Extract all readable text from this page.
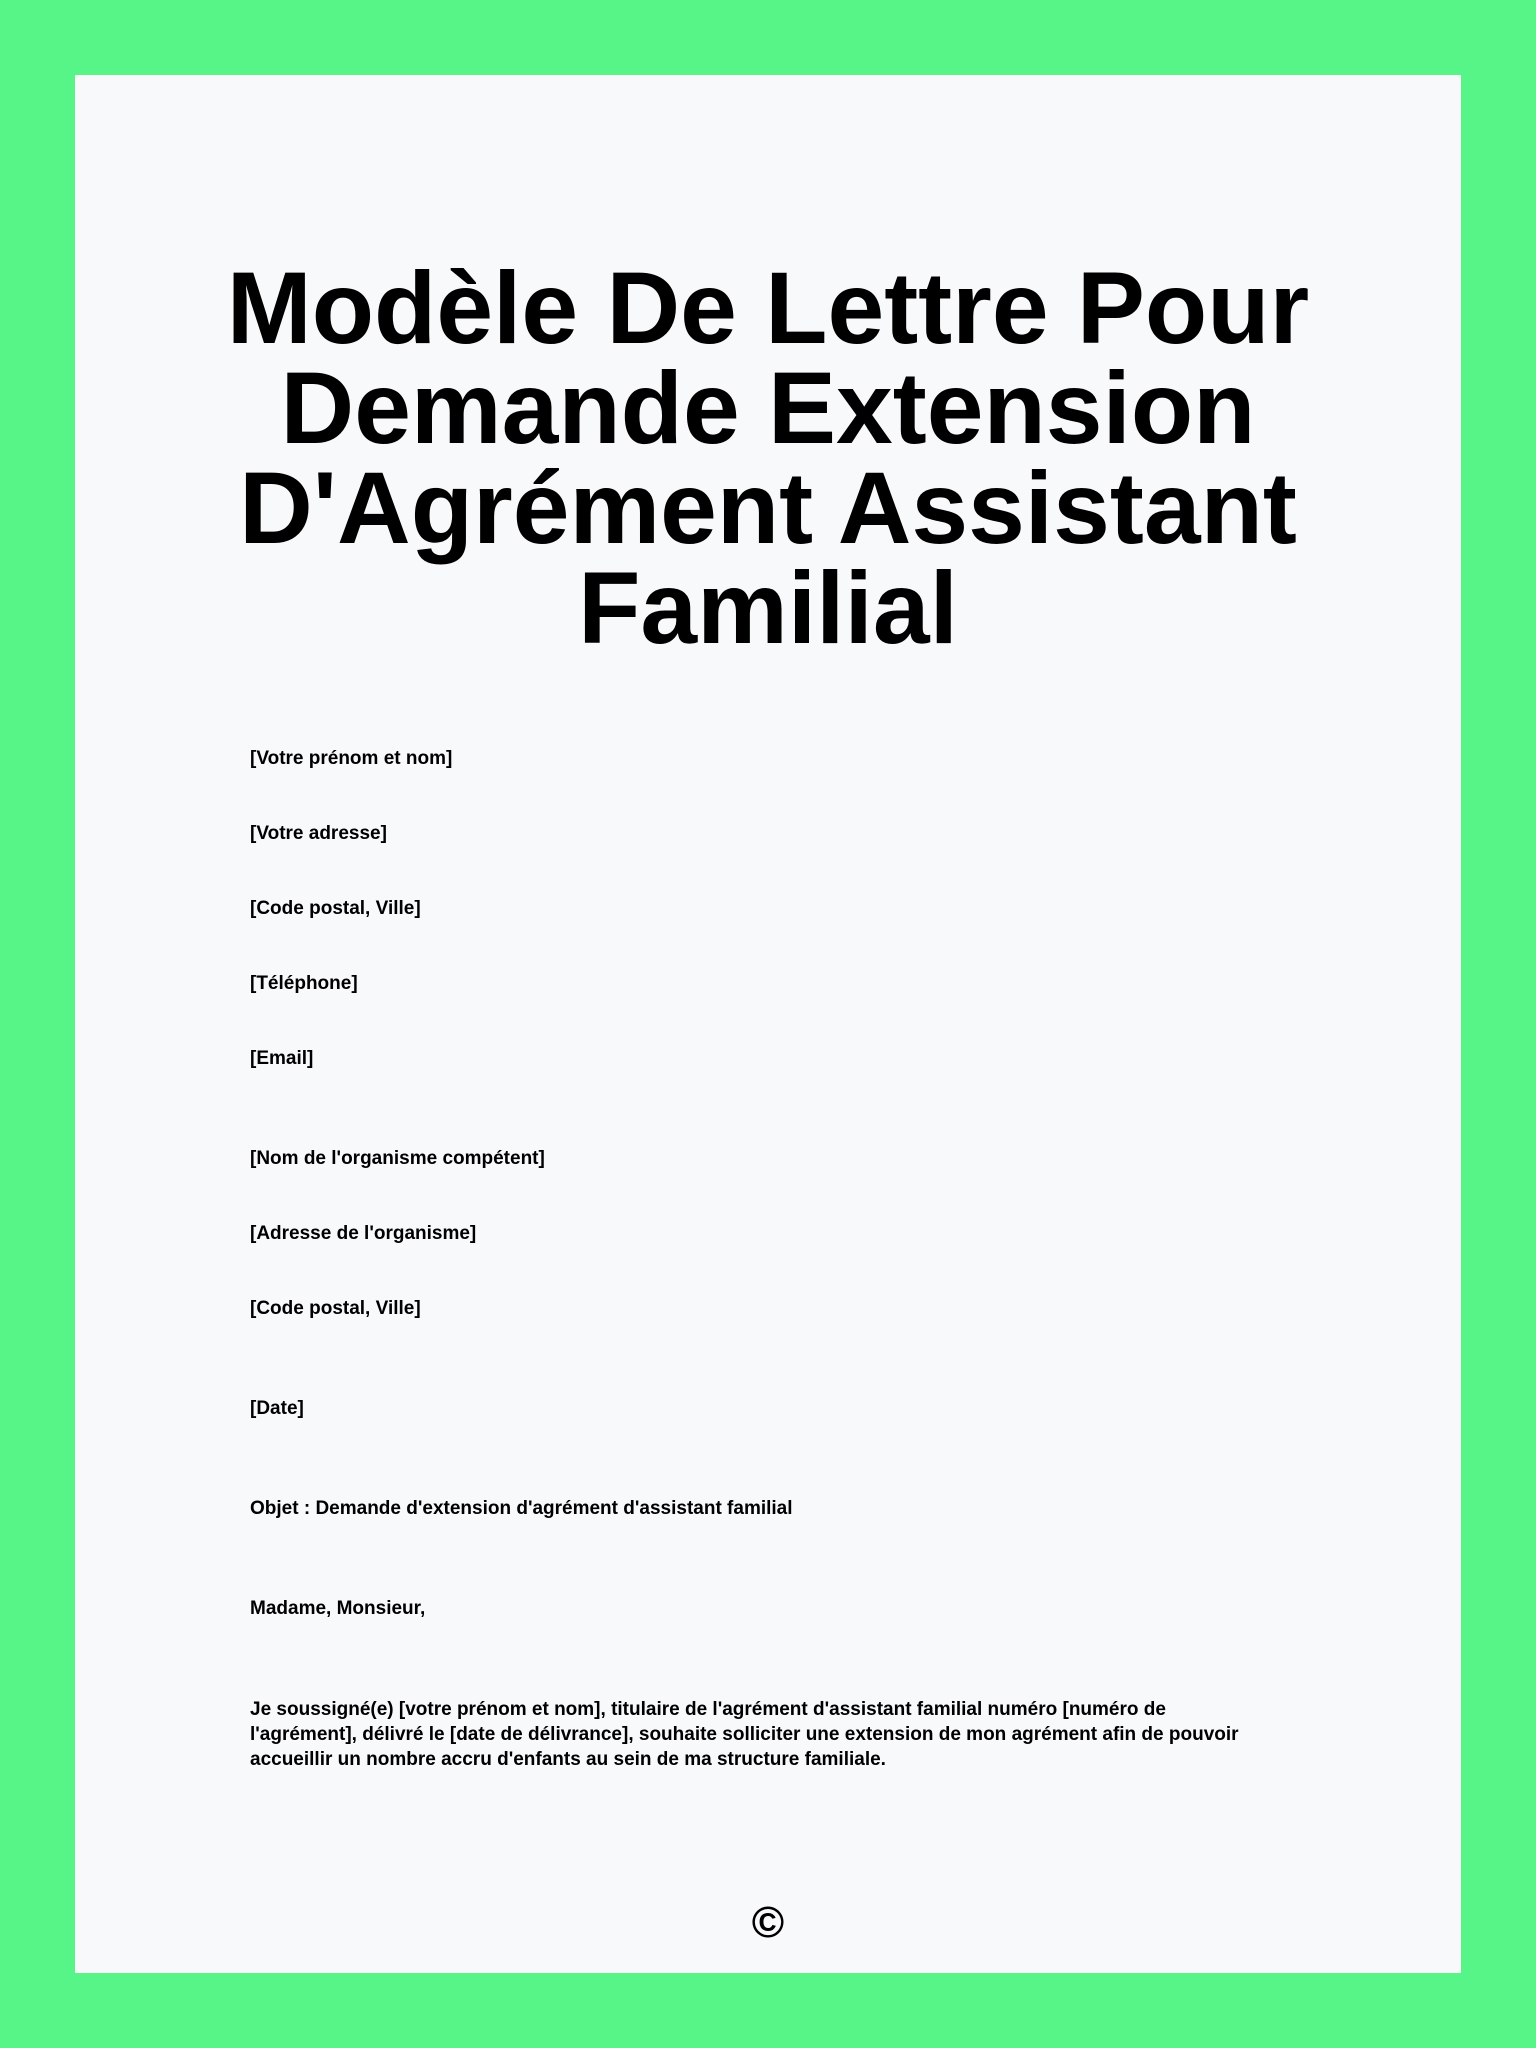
Modèle De Lettre Pour Demande Extension D'Agrément Assistant Familial

[Votre prénom et nom]

[Votre adresse]

[Code postal, Ville]

[Téléphone]

[Email]

[Nom de l'organisme compétent]

[Adresse de l'organisme]

[Code postal, Ville]

[Date]

Objet : Demande d'extension d'agrément d'assistant familial

Madame, Monsieur,

Je soussigné(e) [votre prénom et nom], titulaire de l'agrément d'assistant familial numéro [numéro de l'agrément], délivré le [date de délivrance], souhaite solliciter une extension de mon agrément afin de pouvoir accueillir un nombre accru d'enfants au sein de ma structure familiale.

©
